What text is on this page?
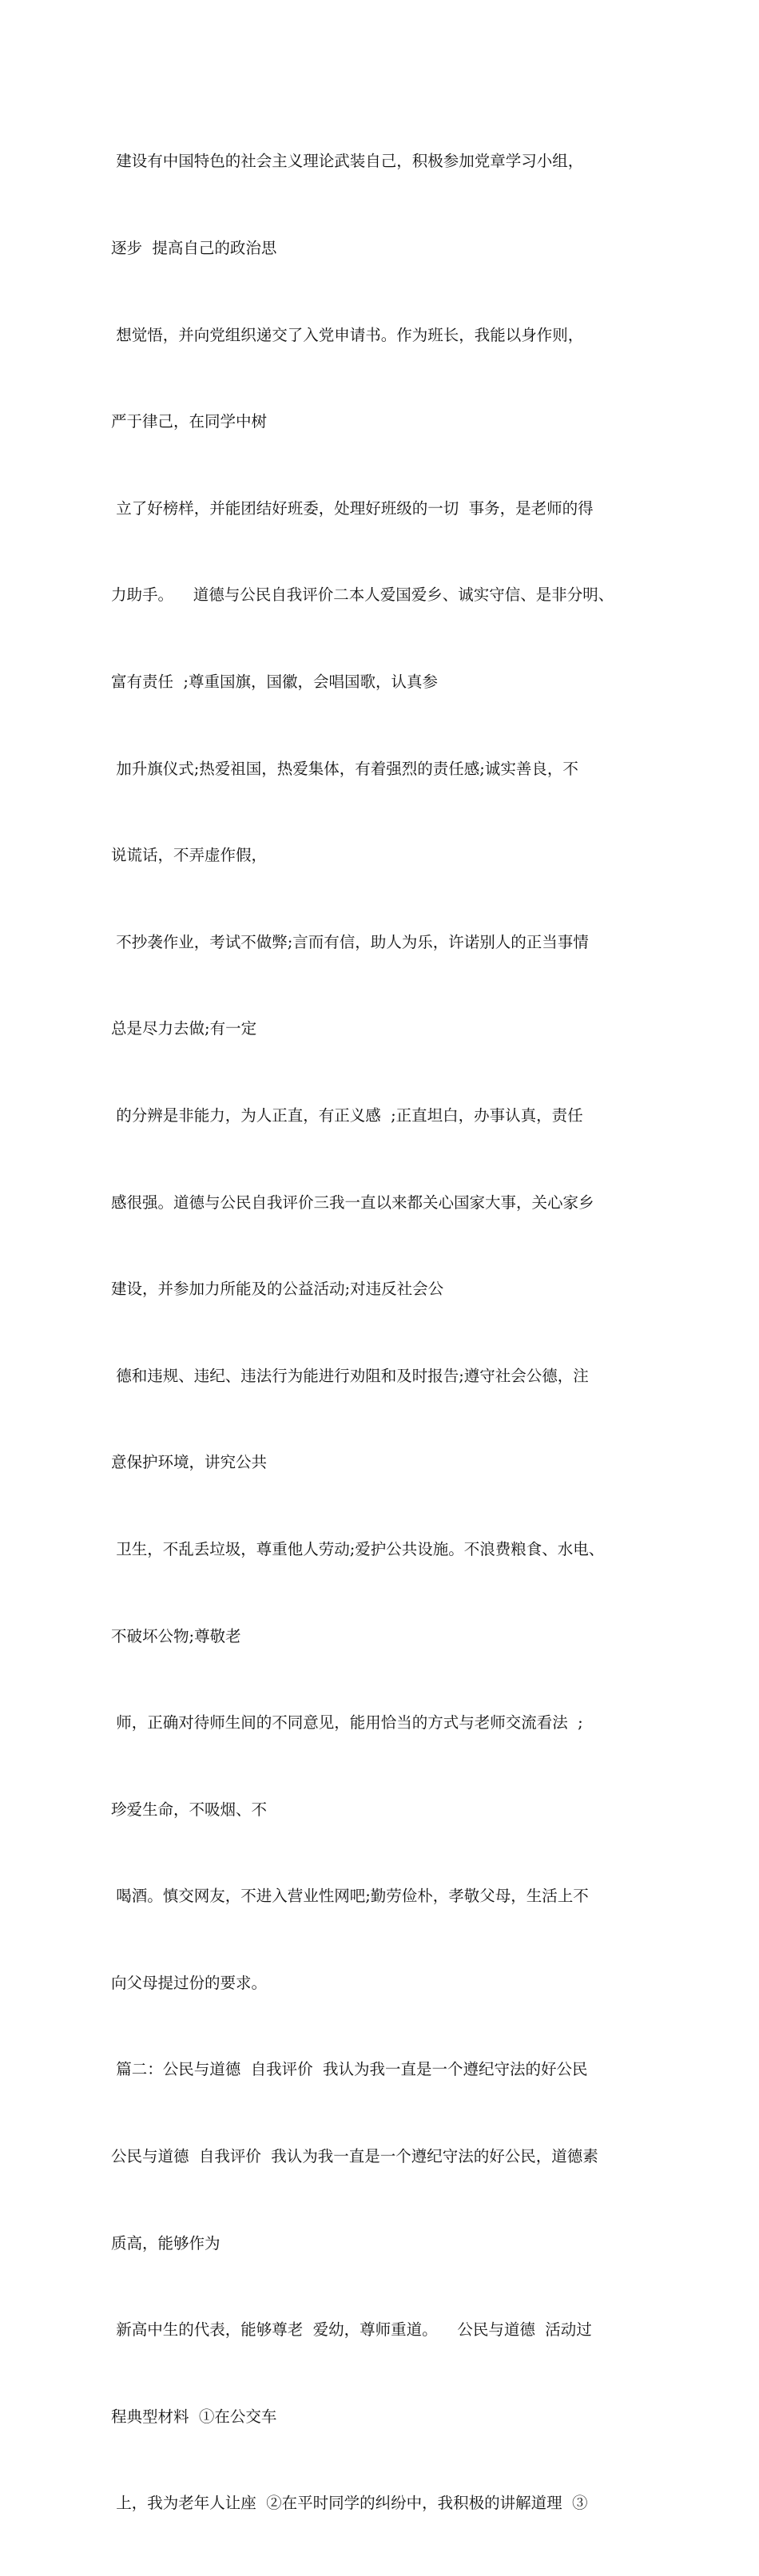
建设有中国特色的社会主义理论武装自己，积极参加党章学习小组，

逐步  提高自己的政治思

想觉悟，并向党组织递交了入党申请书。作为班长，我能以身作则，

严于律己，在同学中树

立了好榜样，并能团结好班委，处理好班级的一切  事务，是老师的得

力助手。    道德与公民自我评价二本人爱国爱乡、诚实守信、是非分明、

富有责任  ;尊重国旗，国徽，会唱国歌，认真参

加升旗仪式;热爱祖国，热爱集体，有着强烈的责任感;诚实善良，不

说谎话，不弄虚作假，

不抄袭作业，考试不做弊;言而有信，助人为乐，许诺别人的正当事情

总是尽力去做;有一定

的分辨是非能力，为人正直，有正义感  ;正直坦白，办事认真，责任

感很强。道德与公民自我评价三我一直以来都关心国家大事，关心家乡

建设，并参加力所能及的公益活动;对违反社会公

德和违规、违纪、违法行为能进行劝阻和及时报告;遵守社会公德，注

意保护环境，讲究公共

卫生，不乱丢垃圾，尊重他人劳动;爱护公共设施。不浪费粮食、水电、

不破坏公物;尊敬老

师，正确对待师生间的不同意见，能用恰当的方式与老师交流看法  ;

珍爱生命，不吸烟、不

喝酒。慎交网友，不进入营业性网吧;勤劳俭朴，孝敬父母，生活上不

向父母提过份的要求。

篇二：公民与道德  自我评价  我认为我一直是一个遵纪守法的好公民

公民与道德  自我评价  我认为我一直是一个遵纪守法的好公民，道德素

质高，能够作为

新高中生的代表，能够尊老  爱幼，尊师重道。    公民与道德  活动过

程典型材料  ①在公交车

上，我为老年人让座  ②在平时同学的纠纷中，我积极的讲解道理  ③
